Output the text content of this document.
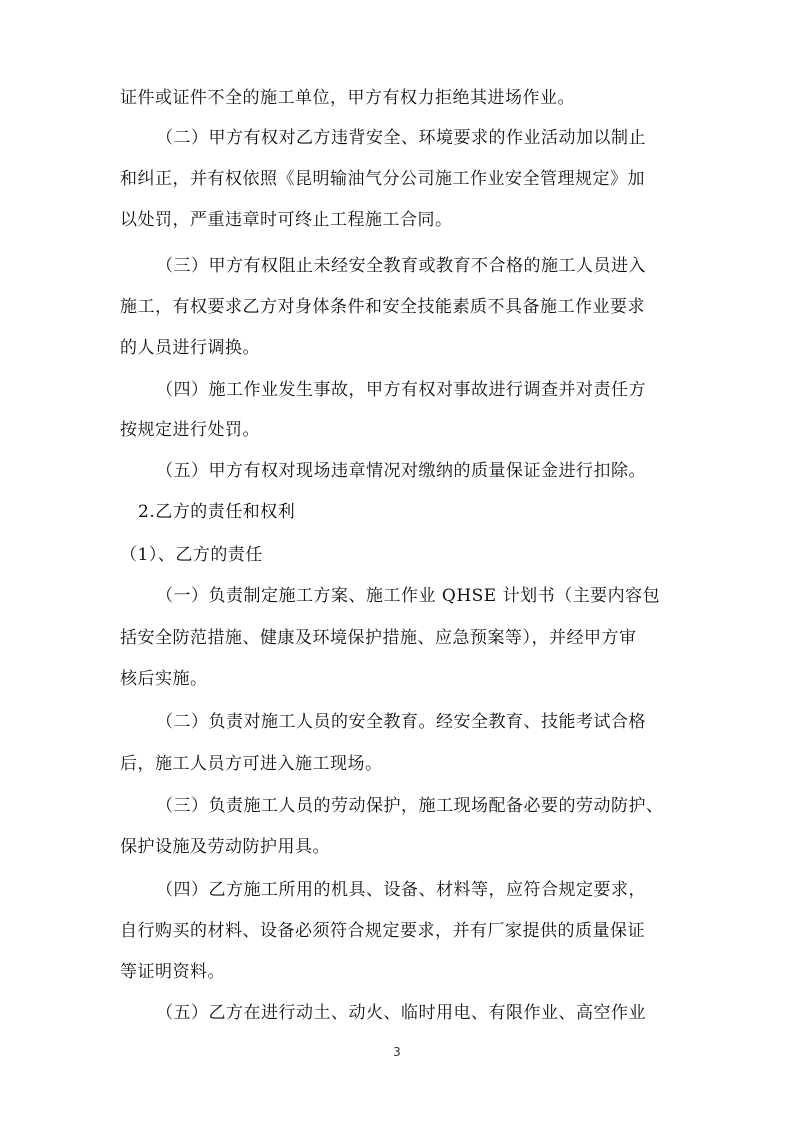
证件或证件不全的施工单位，甲方有权力拒绝其进场作业。
（二）甲方有权对乙方违背安全、环境要求的作业活动加以制止
和纠正，并有权依照《昆明输油气分公司施工作业安全管理规定》加
以处罚，严重违章时可终止工程施工合同。
（三）甲方有权阻止未经安全教育或教育不合格的施工人员进入
施工，有权要求乙方对身体条件和安全技能素质不具备施工作业要求
的人员进行调换。
（四）施工作业发生事故，甲方有权对事故进行调查并对责任方
按规定进行处罚。
（五）甲方有权对现场违章情况对缴纳的质量保证金进行扣除。
2.乙方的责任和权利
（1）、乙方的责任
（一）负责制定施工方案、施工作业 QHSE 计划书（主要内容包
括安全防范措施、健康及环境保护措施、应急预案等），并经甲方审
核后实施。
（二）负责对施工人员的安全教育。经安全教育、技能考试合格
后，施工人员方可进入施工现场。
（三）负责施工人员的劳动保护，施工现场配备必要的劳动防护、
保护设施及劳动防护用具。
（四）乙方施工所用的机具、设备、材料等，应符合规定要求，
自行购买的材料、设备必须符合规定要求，并有厂家提供的质量保证
等证明资料。
（五）乙方在进行动土、动火、临时用电、有限作业、高空作业
3
